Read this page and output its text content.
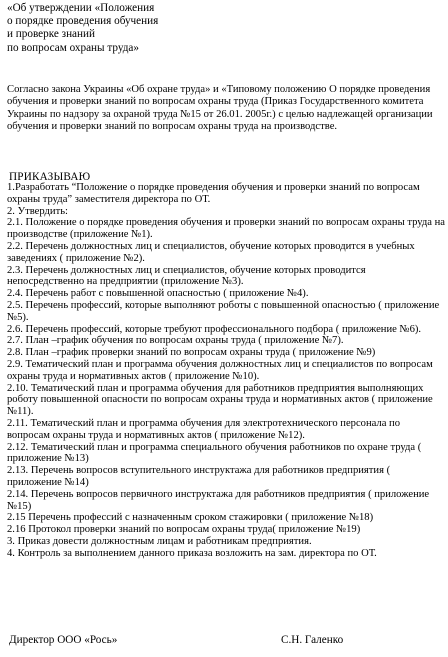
«Об утверждении «Положения
о порядке проведения обучения
и проверке знаний
по вопросам охраны труда»
Согласно закона Украины «Об охране труда» и «Типовому положению О порядке проведения обучения и проверки знаний по вопросам охраны труда (Приказ Государственного комитета Украины по надзору за охраной труда №15 от 26.01. 2005г.) с целью надлежащей организации обучения и проверки знаний по вопросам охраны труда на производстве.
ПРИКАЗЫВАЮ

1.Разработать “Положение о порядке проведения обучения и проверки знаний по вопросам охраны труда” заместителя директора по ОТ.

2. Утвердить:

2.1. Положение о порядке проведения обучения и проверки знаний по вопросам охраны труда на производстве (приложение №1).

2.2. Перечень должностных лиц и специалистов, обучение которых проводится в учебных заведениях ( приложение №2).

2.3. Перечень должностных лиц и специалистов, обучение которых проводится непосредственно на предприятии (приложение №3).

2.4. Перечень работ с повышенной опасностью ( приложение №4).

2.5. Перечень профессий, которые выполняют роботы с повышенной опасностью ( приложение №5).

2.6. Перечень профессий, которые требуют профессионального подбора ( приложение №6).

2.7. План –график обучения по вопросам охраны труда ( приложение №7).

2.8. План –график проверки знаний по вопросам охраны труда ( приложение №9)

2.9. Тематический план и программа обучения должностных лиц и специалистов по вопросам охраны труда и нормативных актов ( приложение №10).

2.10. Тематический план и программа обучения для работников предприятия выполняющих роботу повышенной опасности по вопросам охраны труда и нормативных актов ( приложение №11).

2.11. Тематический план и программа обучения для электротехнического персонала по вопросам охраны труда и нормативных актов ( приложение №12).

2.12. Тематический план и программа специального обучения работников по охране труда ( приложение №13)

2.13. Перечень вопросов вступительного инструктажа для работников предприятия ( приложение №14)

2.14. Перечень вопросов первичного инструктажа для работников предприятия ( приложение №15)

2.15 Перечень профессий с назначенным сроком стажировки ( приложение №18)

2.16 Протокол проверки знаний по вопросам охраны труда( приложение №19)

3. Приказ довести должностным лицам и работникам предприятия.

4. Контроль за выполнением данного приказа возложить на зам. директора по ОТ.

Директор ООО «Рось»	С.Н. Галенко
